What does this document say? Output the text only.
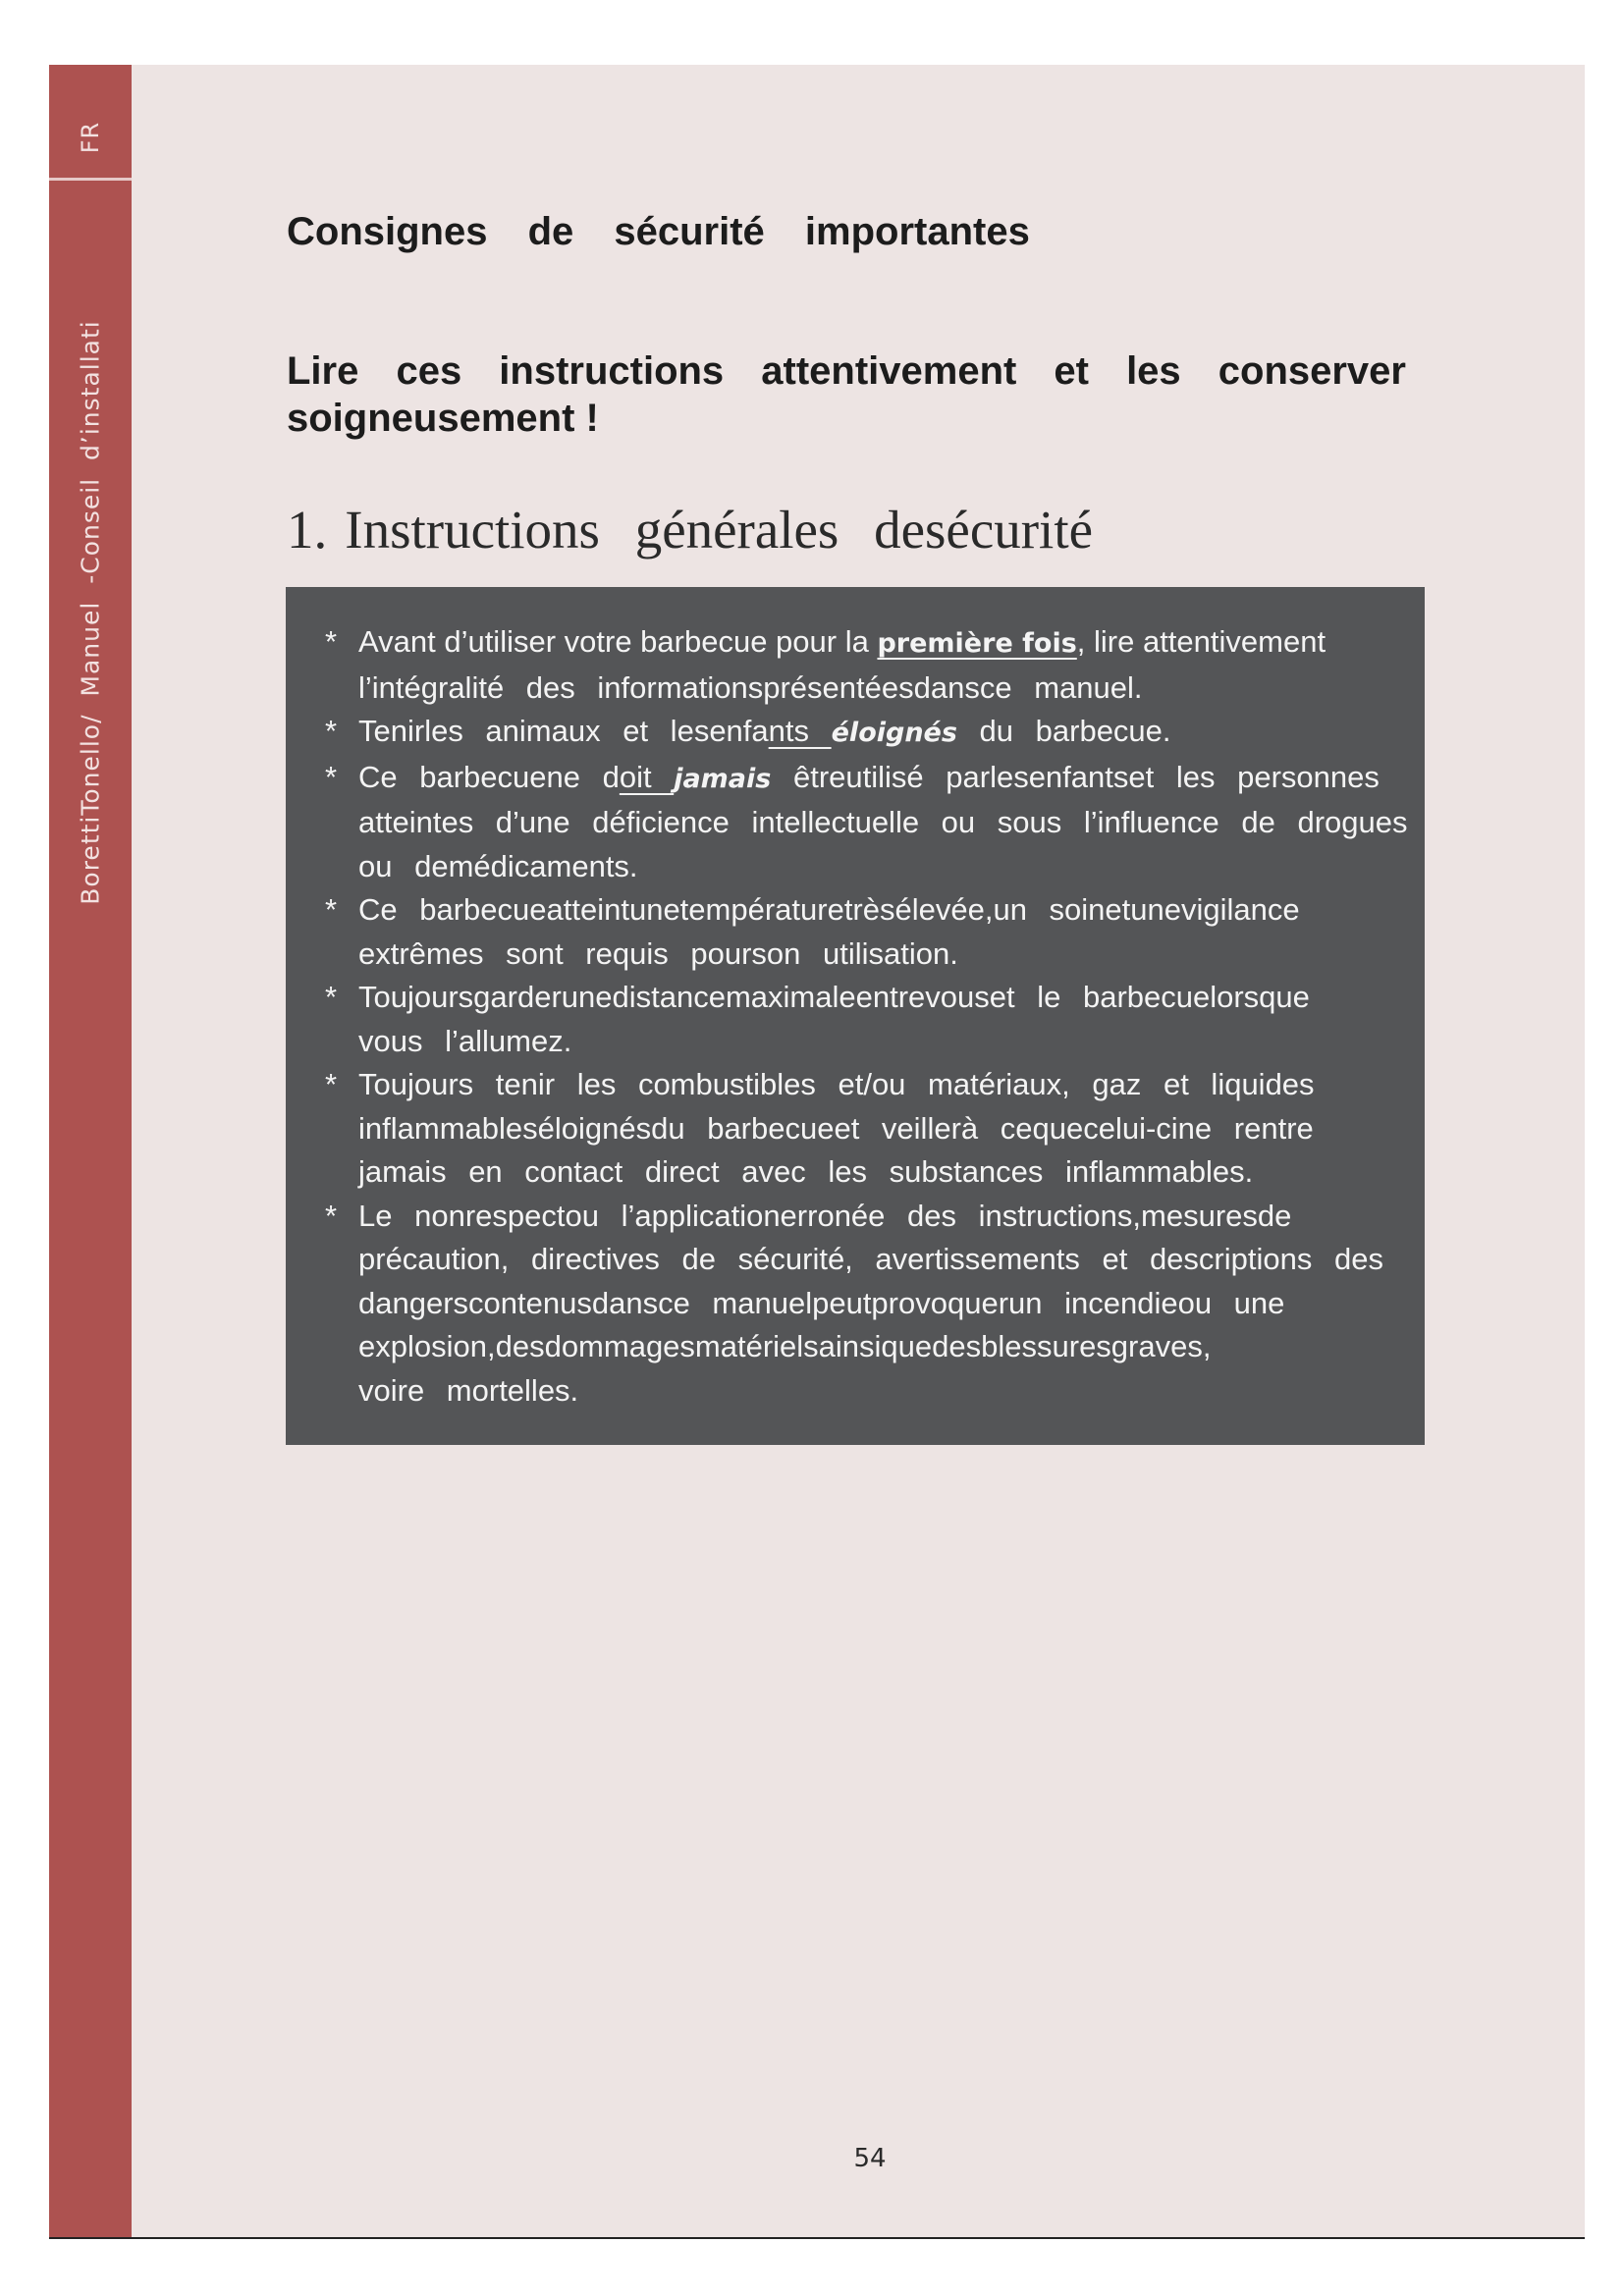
FR
BorettiTonello/  Manuel  -Conseil  d’installati
Consignes de sécurité importantes
Lire ces instructions attentivement et les conserver soigneusement !
1. Instructions générales desécurité
* Avant d’utiliser votre barbecue pour la première fois, lire attentivement
l’intégralité des informationsprésentéesdansce manuel.
* Tenirles animaux et lesenfants éloignés du barbecue.
* Ce barbecuene doit jamais êtreutilisé parlesenfantset les personnes
atteintes d’une déficience intellectuelle ou sous l’influence de drogues
ou demédicaments.
* Ce barbecueatteintunetempératuretrèsélevée,un soinetunevigilance
extrêmes sont requis pourson utilisation.
* Toujoursgarderunedistancemaximaleentrevouset le barbecuelorsque
vous l’allumez.
* Toujours tenir les combustibles et/ou matériaux, gaz et liquides
inflammableséloignésdu barbecueet veillerà cequecelui-cine rentre
jamais en contact direct avec les substances inflammables.
* Le nonrespectou l’applicationerronée des instructions,mesuresde
précaution, directives de sécurité, avertissements et descriptions des
dangerscontenusdansce manuelpeutprovoquerun incendieou une
explosion,desdommagesmatérielsainsiquedesblessuresgraves,
voire mortelles.
54
